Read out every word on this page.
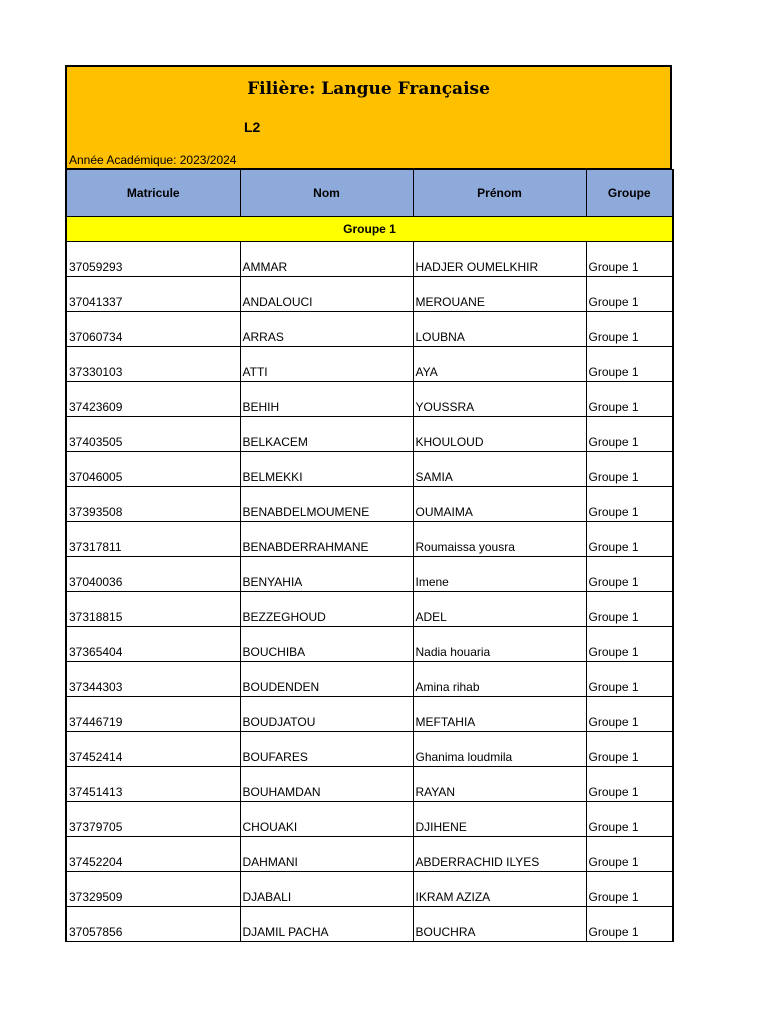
Filière: Langue Française
L2
Année Académique: 2023/2024
Matricule	Nom	Prénom	Groupe
Groupe 1			
37059293	AMMAR	HADJER OUMELKHIR	Groupe 1
37041337	ANDALOUCI	MEROUANE	Groupe 1
37060734	ARRAS	LOUBNA	Groupe 1
37330103	ATTI	AYA	Groupe 1
37423609	BEHIH	YOUSSRA	Groupe 1
37403505	BELKACEM	KHOULOUD	Groupe 1
37046005	BELMEKKI	SAMIA	Groupe 1
37393508	BENABDELMOUMENE	OUMAIMA	Groupe 1
37317811	BENABDERRAHMANE	Roumaissa yousra	Groupe 1
37040036	BENYAHIA	Imene	Groupe 1
37318815	BEZZEGHOUD	ADEL	Groupe 1
37365404	BOUCHIBA	Nadia houaria	Groupe 1
37344303	BOUDENDEN	Amina rihab	Groupe 1
37446719	BOUDJATOU	MEFTAHIA	Groupe 1
37452414	BOUFARES	Ghanima loudmila	Groupe 1
37451413	BOUHAMDAN	RAYAN	Groupe 1
37379705	CHOUAKI	DJIHENE	Groupe 1
37452204	DAHMANI	ABDERRACHID ILYES	Groupe 1
37329509	DJABALI	IKRAM AZIZA	Groupe 1
37057856	DJAMIL PACHA	BOUCHRA	Groupe 1
